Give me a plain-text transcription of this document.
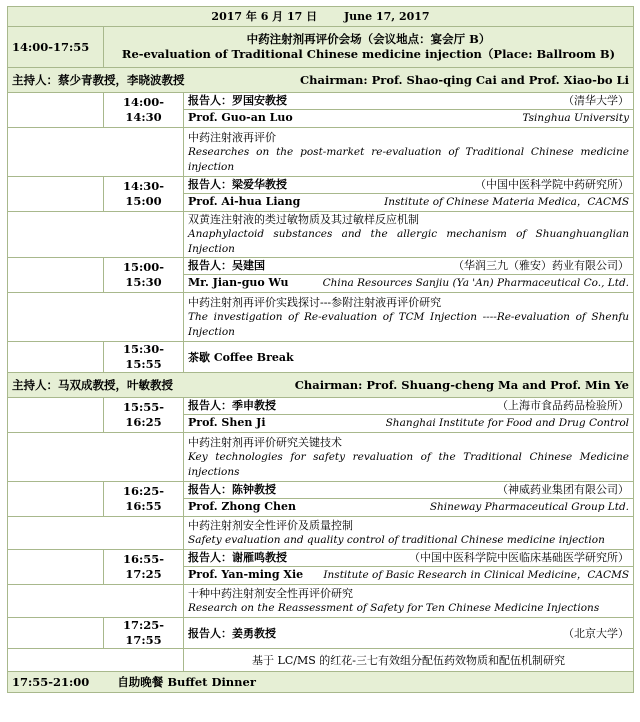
2017 年 6 月 17 日 June 17, 2017		
14:00-17:55	中药注射剂再评价会场（会议地点：宴会厅 B）
Re-evaluation of Traditional Chinese medicine injection（Place: Ballroom B)	

主持人：蔡少青教授，李晓波教授 Chairman: Prof. Shao-qing Cai and Prof. Xiao-bo Li		

	14:00-14:30	报告人：罗国安教授 （清华大学）

		Prof. Guo-an Luo Tsinghua University

		中药注射液再评价
Researches on the post-market re-evaluation of Traditional Chinese medicine injection

	14:30-15:00	报告人：梁爱华教授 （中国中医科学院中药研究所）

		Prof. Ai-hua Liang Institute of Chinese Materia Medica，CACMS

		双黄连注射液的类过敏物质及其过敏样反应机制
Anaphylactoid substances and the allergic mechanism of Shuanghuanglian Injection

	15:00-15:30	报告人：吴建国 （华润三九（雅安）药业有限公司）

		Mr. Jian-guo Wu China Resources Sanjiu (Ya 'An) Pharmaceutical Co., Ltd.

		中药注射剂再评价实践探讨---参附注射液再评价研究
The investigation of Re-evaluation of TCM Injection ----Re-evaluation of Shenfu Injection

	15:30-15:55	茶歇 Coffee Break

主持人：马双成教授，叶敏教授 Chairman: Prof. Shuang-cheng Ma and Prof. Min Ye		

	15:55-16:25	报告人：季申教授 （上海市食品药品检验所）

		Prof. Shen Ji Shanghai Institute for Food and Drug Control

		中药注射剂再评价研究关键技术
Key technologies for safety revaluation of the Traditional Chinese Medicine injections

	16:25-16:55	报告人：陈钟教授 （神威药业集团有限公司）

		Prof. Zhong Chen Shineway Pharmaceutical Group Ltd.

		中药注射剂安全性评价及质量控制
Safety evaluation and quality control of traditional Chinese medicine injection

	16:55-17:25	报告人：谢雁鸣教授 （中国中医科学院中医临床基础医学研究所）

		Prof. Yan-ming Xie Institute of Basic Research in Clinical Medicine，CACMS

		十种中药注射剂安全性再评价研究
Research on the Reassessment of Safety for Ten Chinese Medicine Injections

	17:25-17:55	报告人：姜勇教授 （北京大学）

		基于 LC/MS 的红花-三七有效组分配伍药效物质和配伍机制研究

17:55-21:00 自助晚餐 Buffet Dinner		
